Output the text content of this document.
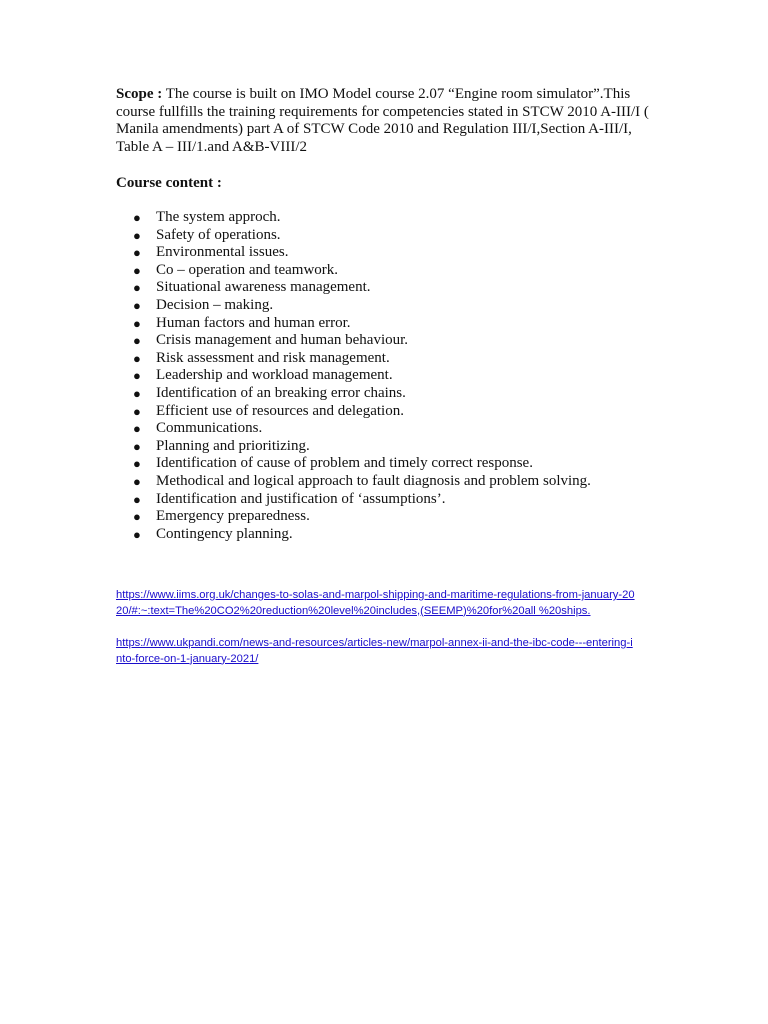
Scope : The course is built on IMO Model course 2.07 “Engine room simulator”.This course fullfills the training requirements for competencies stated in STCW 2010 A-III/I ( Manila amendments) part A of STCW Code 2010 and Regulation III/I,Section A-III/I, Table A – III/1.and A&B-VIII/2

Course content :

● The system approch.
● Safety of operations.
● Environmental issues.
● Co – operation and teamwork.
● Situational awareness management.
● Decision – making.
● Human factors and human error.
● Crisis management and human behaviour.
● Risk assessment and risk management.
● Leadership and workload management.
● Identification of an breaking error chains.
● Efficient use of resources and delegation.
● Communications.
● Planning and prioritizing.
● Identification of cause of problem and timely correct response.
● Methodical and logical approach to fault diagnosis and problem solving.
● Identification and justification of ‘assumptions’.
● Emergency preparedness.
● Contingency planning.
https://www.iims.org.uk/changes-to-solas-and-marpol-shipping-and-maritime-regulations-from-january-2020/#:~:text=The%20CO2%20reduction%20level%20includes,(SEEMP)%20for%20all %20ships.
https://www.ukpandi.com/news-and-resources/articles-new/marpol-annex-ii-and-the-ibc-code---entering-into-force-on-1-january-2021/
